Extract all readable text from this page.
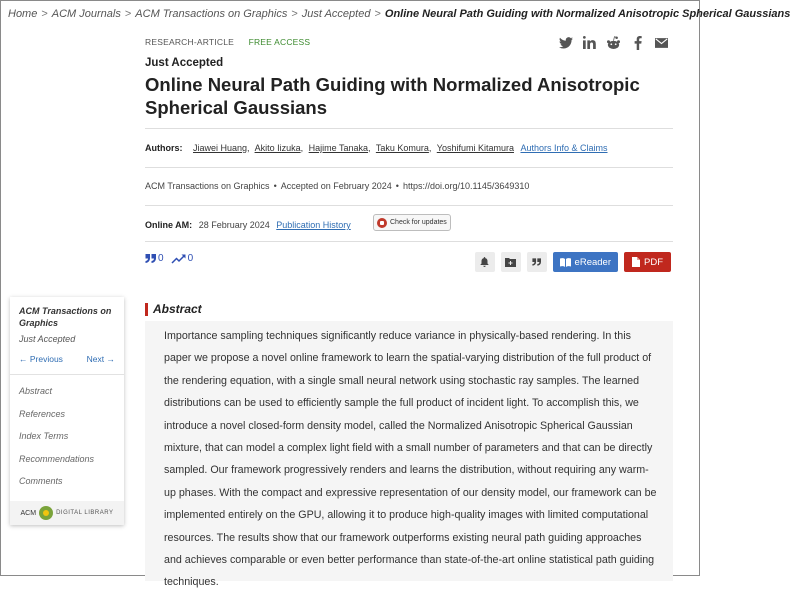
Home > ACM Journals > ACM Transactions on Graphics > Just Accepted > Online Neural Path Guiding with Normalized Anisotropic Spherical Gaussians
RESEARCH-ARTICLE FREE ACCESS
Just Accepted
Online Neural Path Guiding with Normalized Anisotropic Spherical Gaussians
Authors: Jiawei Huang, Akito Iizuka, Hajime Tanaka, Taku Komura, Yoshifumi Kitamura Authors Info & Claims
ACM Transactions on Graphics • Accepted on February 2024 • https://doi.org/10.1145/3649310
Online AM: 28 February 2024 Publication History	Check for updates
0 0	eReader	PDF
ACM Transactions on Graphics
Just Accepted
← Previous	Next →
Abstract
References
Index Terms
Recommendations
Comments
ACM	DIGITAL LIBRARY
Abstract

Importance sampling techniques significantly reduce variance in physically-based rendering. In this paper we propose a novel online framework to learn the spatial-varying distribution of the full product of the rendering equation, with a single small neural network using stochastic ray samples. The learned distributions can be used to efficiently sample the full product of incident light. To accomplish this, we introduce a novel closed-form density model, called the Normalized Anisotropic Spherical Gaussian mixture, that can model a complex light field with a small number of parameters and that can be directly sampled. Our framework progressively renders and learns the distribution, without requiring any warm-up phases. With the compact and expressive representation of our density model, our framework can be implemented entirely on the GPU, allowing it to produce high-quality images with limited computational resources. The results show that our framework outperforms existing neural path guiding approaches and achieves comparable or even better performance than state-of-the-art online statistical path guiding techniques.
